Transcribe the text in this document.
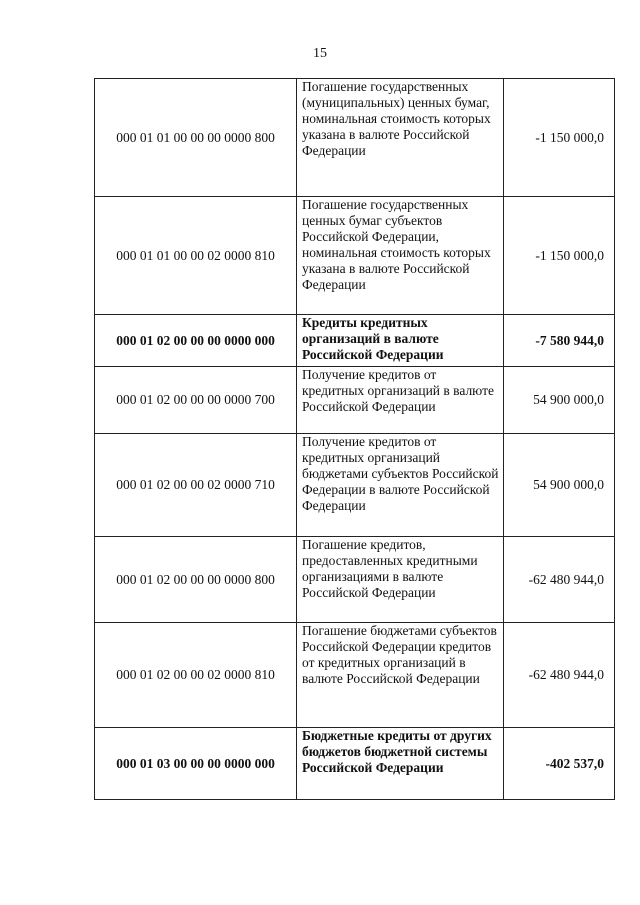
15
000 01 01 00 00 00 0000 800	Погашение государственных (муниципальных) ценных бумаг, номинальная стоимость которых указана в валюте Российской Федерации	-1 150 000,0
000 01 01 00 00 02 0000 810	Погашение государственных ценных бумаг субъектов Российской Федерации, номинальная стоимость которых указана в валюте Российской Федерации	-1 150 000,0
000 01 02 00 00 00 0000 000	Кредиты кредитных организаций в валюте Российской Федерации	-7 580 944,0
000 01 02 00 00 00 0000 700	Получение кредитов от кредитных организаций в валюте Российской Федерации	54 900 000,0
000 01 02 00 00 02 0000 710	Получение кредитов от кредитных организаций бюджетами субъектов Российской Федерации в валюте Российской Федерации	54 900 000,0
000 01 02 00 00 00 0000 800	Погашение кредитов, предоставленных кредитными организациями в валюте Российской Федерации	-62 480 944,0
000 01 02 00 00 02 0000 810	Погашение бюджетами субъектов Российской Федерации кредитов от кредитных организаций в валюте Российской Федерации	-62 480 944,0
000 01 03 00 00 00 0000 000	Бюджетные кредиты от других бюджетов бюджетной системы Российской Федерации	-402 537,0
